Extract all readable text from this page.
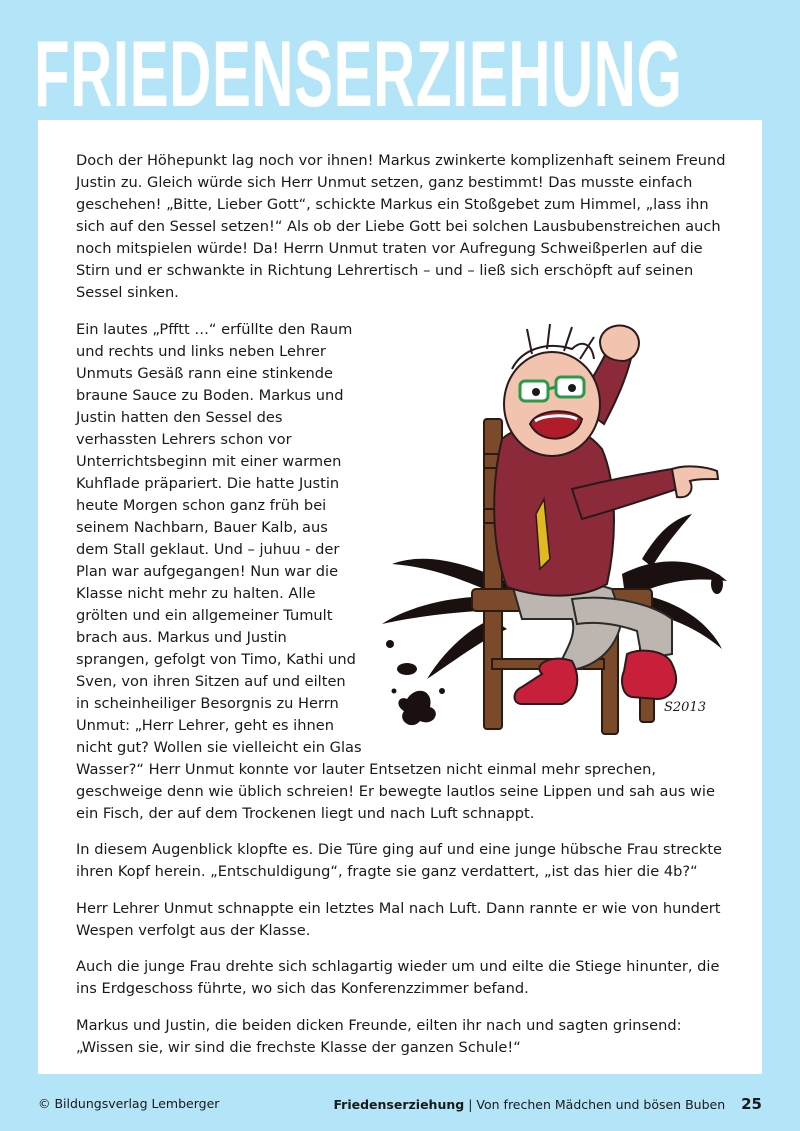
FRIEDENSERZIEHUNG

Doch der Höhepunkt lag noch vor ihnen! Markus zwinkerte komplizenhaft seinem Freund Justin zu. Gleich würde sich Herr Unmut setzen, ganz bestimmt! Das musste einfach geschehen! „Bitte, Lieber Gott“, schickte Markus ein Stoßgebet zum Himmel, „lass ihn sich auf den Sessel setzen!“ Als ob der Liebe Gott bei solchen Lausbubenstreichen auch noch mitspielen würde! Da! Herrn Unmut traten vor Aufregung Schweißperlen auf die Stirn und er schwankte in Richtung Lehrertisch – und – ließ sich erschöpft auf seinen Sessel sinken.

S2013

Ein lautes „Pfftt …“ erfüllte den Raum und rechts und links neben Lehrer Unmuts Gesäß rann eine stinkende braune Sauce zu Boden. Markus und Justin hatten den Sessel des verhassten Lehrers schon vor Unterrichtsbeginn mit einer warmen Kuhflade präpariert. Die hatte Justin heute Morgen schon ganz früh bei seinem Nachbarn, Bauer Kalb, aus dem Stall geklaut. Und – juhuu - der Plan war aufgegangen! Nun war die Klasse nicht mehr zu halten. Alle grölten und ein allgemeiner Tumult brach aus. Markus und Justin sprangen, gefolgt von Timo, Kathi und Sven, von ihren Sitzen auf und eilten in scheinheiliger Besorgnis zu Herrn Unmut: „Herr Lehrer, geht es ihnen nicht gut? Wollen sie vielleicht ein Glas Wasser?“ Herr Unmut konnte vor lauter Entsetzen nicht einmal mehr sprechen, geschweige denn wie üblich schreien! Er bewegte lautlos seine Lippen und sah aus wie ein Fisch, der auf dem Trockenen liegt und nach Luft schnappt.

In diesem Augenblick klopfte es. Die Türe ging auf und eine junge hübsche Frau streckte ihren Kopf herein. „Entschuldigung“, fragte sie ganz verdattert, „ist das hier die 4b?“

Herr Lehrer Unmut schnappte ein letztes Mal nach Luft. Dann rannte er wie von hundert Wespen verfolgt aus der Klasse.

Auch die junge Frau drehte sich schlagartig wieder um und eilte die Stiege hinunter, die ins Erdgeschoss führte, wo sich das Konferenzzimmer befand.

Markus und Justin, die beiden dicken Freunde, eilten ihr nach und sagten grinsend: „Wissen sie, wir sind die frechste Klasse der ganzen Schule!“

© Bildungsverlag Lemberger	Friedenserziehung | Von frechen Mädchen und bösen Buben 25
